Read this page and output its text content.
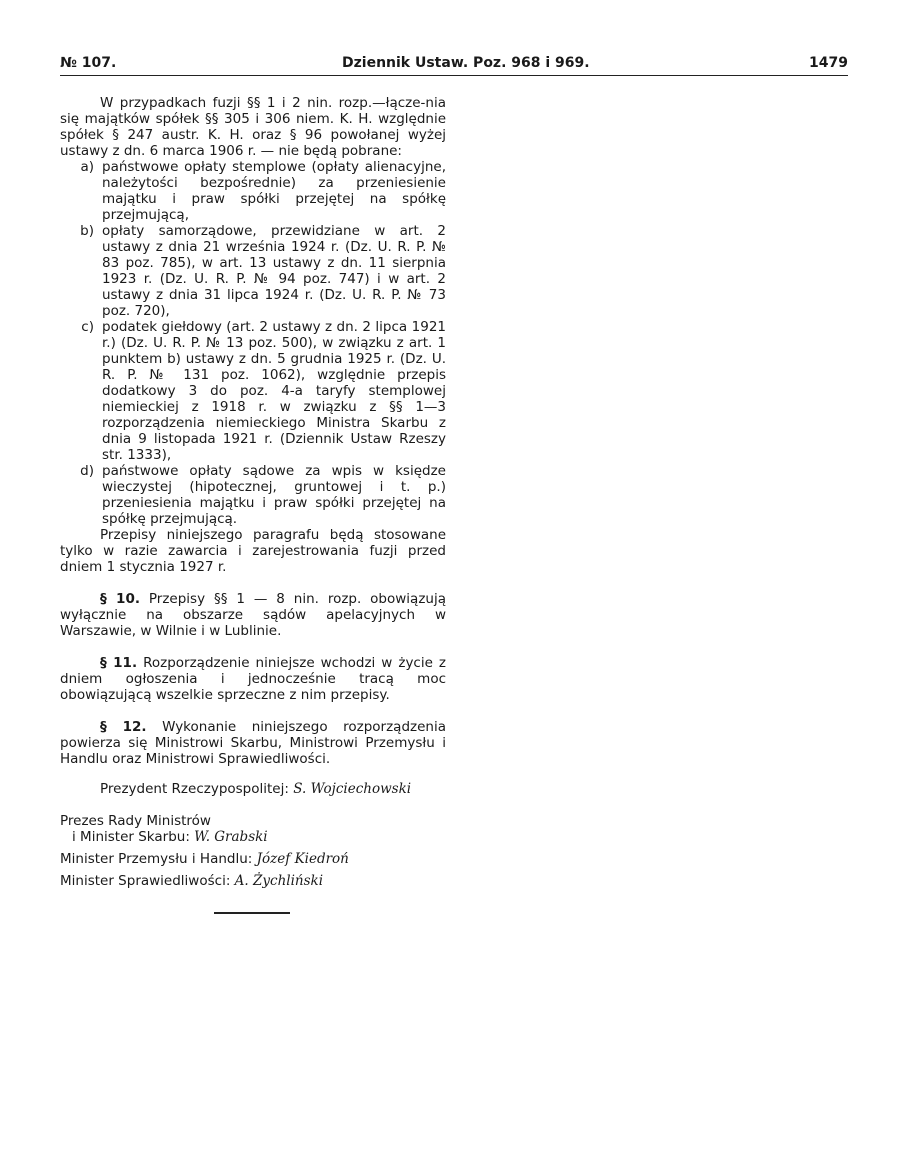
№ 107.	Dziennik Ustaw. Poz. 968 i 969.	1479

W przypadkach fuzji §§ 1 i 2 nin. rozp.—łącze-nia się majątków spółek §§ 305 i 306 niem. K. H. względnie spółek § 247 austr. K. H. oraz § 96 powołanej wyżej ustawy z dn. 6 marca 1906 r. — nie będą pobrane:

a) państwowe opłaty stemplowe (opłaty alienacyjne, należytości bezpośrednie) za przeniesienie majątku i praw spółki przejętej na spółkę przejmującą,
b) opłaty samorządowe, przewidziane w art. 2 ustawy z dnia 21 września 1924 r. (Dz. U. R. P. № 83 poz. 785), w art. 13 ustawy z dn. 11 sierpnia 1923 r. (Dz. U. R. P. № 94 poz. 747) i w art. 2 ustawy z dnia 31 lipca 1924 r. (Dz. U. R. P. № 73 poz. 720),
c) podatek giełdowy (art. 2 ustawy z dn. 2 lipca 1921 r.) (Dz. U. R. P. № 13 poz. 500), w związku z art. 1 punktem b) ustawy z dn. 5 grudnia 1925 r. (Dz. U. R. P. № 131 poz. 1062), względnie przepis dodatkowy 3 do poz. 4-a taryfy stemplowej niemieckiej z 1918 r. w związku z §§ 1—3 rozporządzenia niemieckiego Ministra Skarbu z dnia 9 listopada 1921 r. (Dziennik Ustaw Rzeszy str. 1333),
d) państwowe opłaty sądowe za wpis w księdze wieczystej (hipotecznej, gruntowej i t. p.) przeniesienia majątku i praw spółki przejętej na spółkę przejmującą.

Przepisy niniejszego paragrafu będą stosowane tylko w razie zawarcia i zarejestrowania fuzji przed dniem 1 stycznia 1927 r.

§ 10. Przepisy §§ 1 — 8 nin. rozp. obowiązują wyłącznie na obszarze sądów apelacyjnych w Warszawie, w Wilnie i w Lublinie.

§ 11. Rozporządzenie niniejsze wchodzi w życie z dniem ogłoszenia i jednocześnie tracą moc obowiązującą wszelkie sprzeczne z nim przepisy.

§ 12. Wykonanie niniejszego rozporządzenia powierza się Ministrowi Skarbu, Ministrowi Przemysłu i Handlu oraz Ministrowi Sprawiedliwości.

Prezydent Rzeczypospolitej: S. Wojciechowski

Prezes Rady Ministrów

i Minister Skarbu: W. Grabski

Minister Przemysłu i Handlu: Józef Kiedroń

Minister Sprawiedliwości: A. Żychliński
